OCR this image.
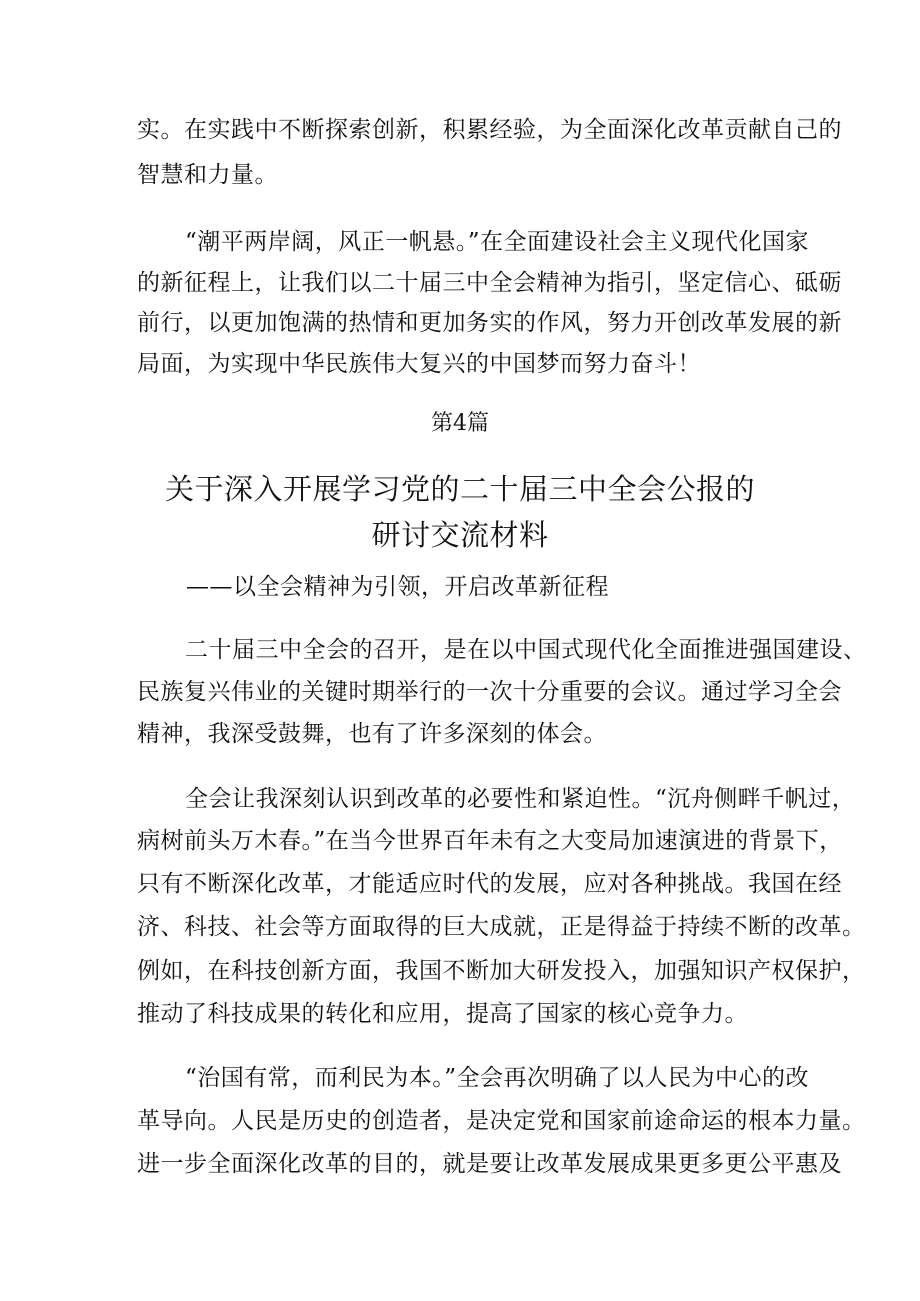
实。在实践中不断探索创新，积累经验，为全面深化改革贡献自己的
智慧和力量。
“潮平两岸阔，风正一帆悬。”在全面建设社会主义现代化国家
的新征程上，让我们以二十届三中全会精神为指引，坚定信心、砥砺
前行，以更加饱满的热情和更加务实的作风，努力开创改革发展的新
局面，为实现中华民族伟大复兴的中国梦而努力奋斗！
第4篇
关于深入开展学习党的二十届三中全会公报的
研讨交流材料
——以全会精神为引领，开启改革新征程
二十届三中全会的召开，是在以中国式现代化全面推进强国建设、
民族复兴伟业的关键时期举行的一次十分重要的会议。通过学习全会
精神，我深受鼓舞，也有了许多深刻的体会。
全会让我深刻认识到改革的必要性和紧迫性。“沉舟侧畔千帆过，
病树前头万木春。”在当今世界百年未有之大变局加速演进的背景下，
只有不断深化改革，才能适应时代的发展，应对各种挑战。我国在经
济、科技、社会等方面取得的巨大成就，正是得益于持续不断的改革。
例如，在科技创新方面，我国不断加大研发投入，加强知识产权保护，
推动了科技成果的转化和应用，提高了国家的核心竞争力。
“治国有常，而利民为本。”全会再次明确了以人民为中心的改
革导向。人民是历史的创造者，是决定党和国家前途命运的根本力量。
进一步全面深化改革的目的，就是要让改革发展成果更多更公平惠及
